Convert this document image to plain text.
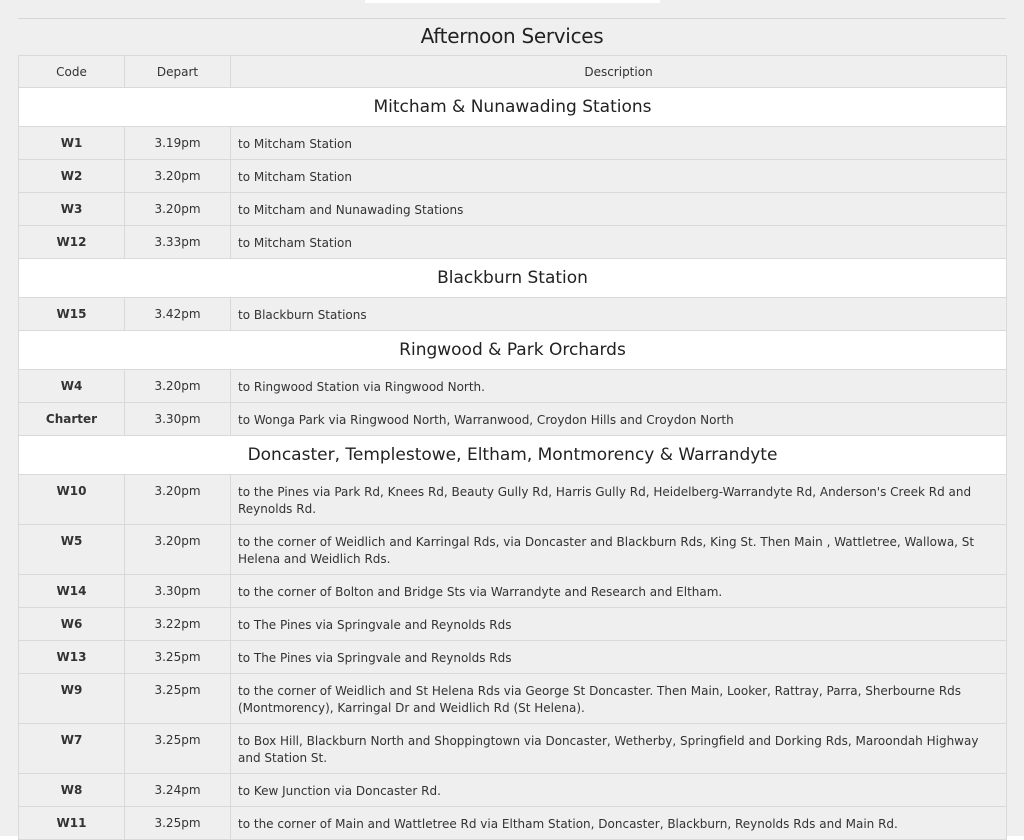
Afternoon Services
Code	Depart	Description
Mitcham & Nunawading Stations		
W1	3.19pm	to Mitcham Station
W2	3.20pm	to Mitcham Station
W3	3.20pm	to Mitcham and Nunawading Stations
W12	3.33pm	to Mitcham Station
Blackburn Station		
W15	3.42pm	to Blackburn Stations
Ringwood & Park Orchards		
W4	3.20pm	to Ringwood Station via Ringwood North.
Charter	3.30pm	to Wonga Park via Ringwood North, Warranwood, Croydon Hills and Croydon North
Doncaster, Templestowe, Eltham, Montmorency & Warrandyte		
W10	3.20pm	to the Pines via Park Rd, Knees Rd, Beauty Gully Rd, Harris Gully Rd, Heidelberg-Warrandyte Rd, Anderson's Creek Rd and Reynolds Rd.
W5	3.20pm	to the corner of Weidlich and Karringal Rds, via Doncaster and Blackburn Rds, King St. Then Main , Wattletree, Wallowa, St Helena and Weidlich Rds.
W14	3.30pm	to the corner of Bolton and Bridge Sts via Warrandyte and Research and Eltham.
W6	3.22pm	to The Pines via Springvale and Reynolds Rds
W13	3.25pm	to The Pines via Springvale and Reynolds Rds
W9	3.25pm	to the corner of Weidlich and St Helena Rds via George St Doncaster. Then Main, Looker, Rattray, Parra, Sherbourne Rds (Montmorency), Karringal Dr and Weidlich Rd (St Helena).
W7	3.25pm	to Box Hill, Blackburn North and Shoppingtown via Doncaster, Wetherby, Springfield and Dorking Rds, Maroondah Highway and Station St.
W8	3.24pm	to Kew Junction via Doncaster Rd.
W11	3.25pm	to the corner of Main and Wattletree Rd via Eltham Station, Doncaster, Blackburn, Reynolds Rds and Main Rd.
